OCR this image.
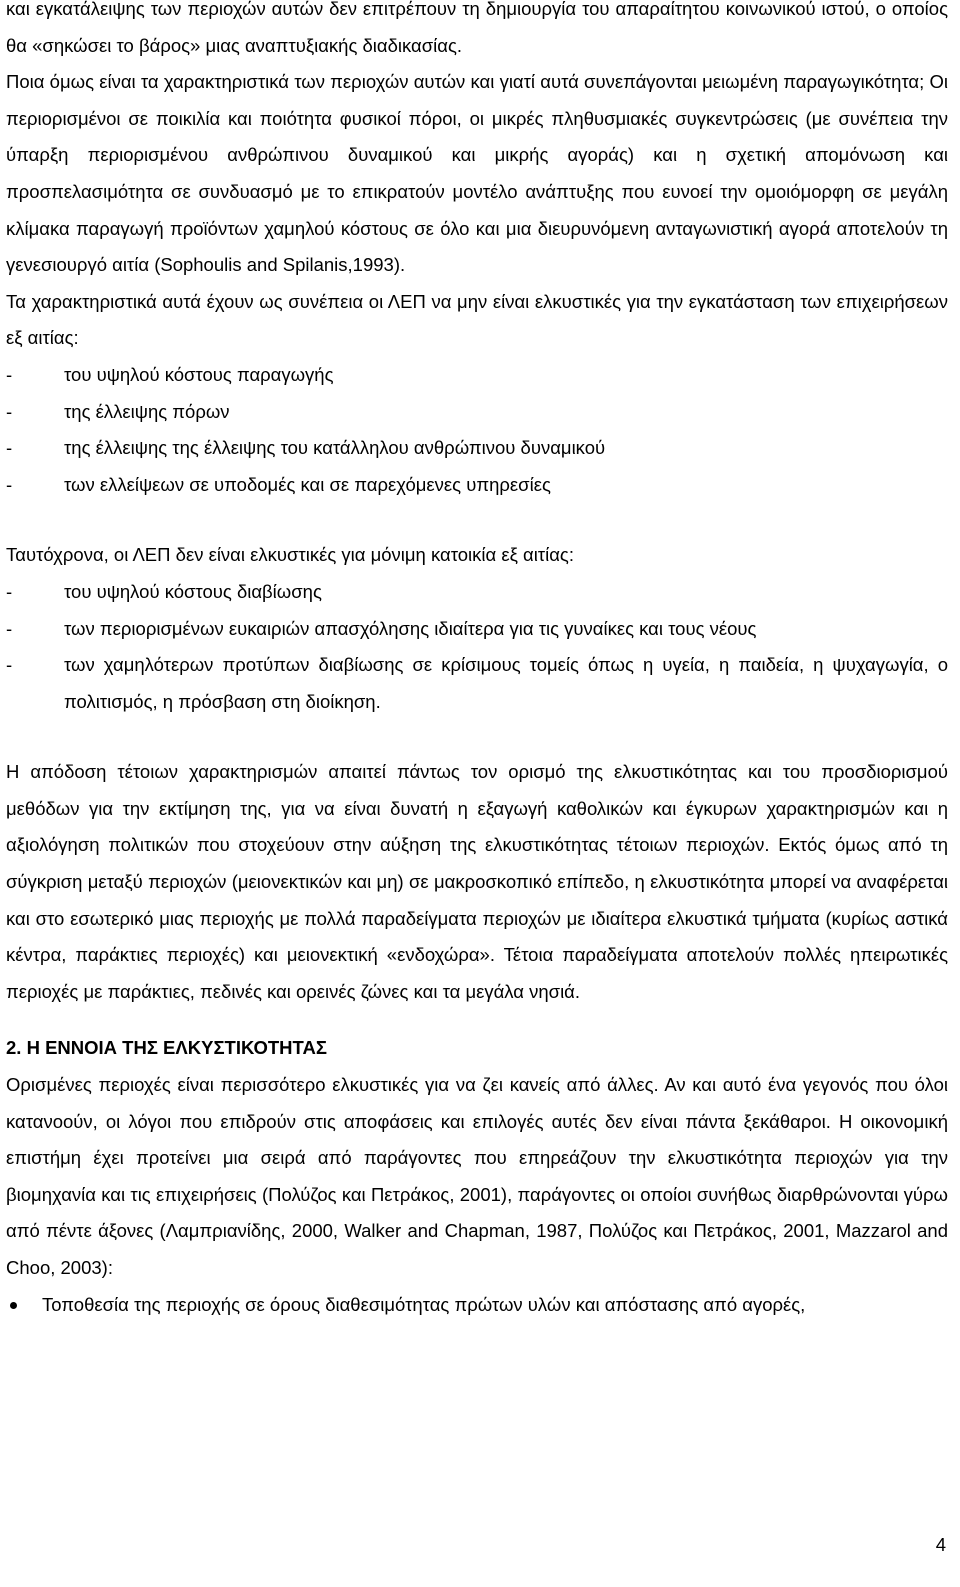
και εγκατάλειψης των περιοχών αυτών δεν επιτρέπουν τη δημιουργία του απαραίτητου κοινωνικού ιστού, ο οποίος θα «σηκώσει το βάρος» μιας αναπτυξιακής διαδικασίας.

Ποια όμως είναι τα χαρακτηριστικά των περιοχών αυτών και γιατί αυτά συνεπάγονται μειωμένη παραγωγικότητα; Οι περιορισμένοι σε ποικιλία και ποιότητα φυσικοί πόροι, οι μικρές πληθυσμιακές συγκεντρώσεις (με συνέπεια την ύπαρξη περιορισμένου ανθρώπινου δυναμικού και μικρής αγοράς) και η σχετική απομόνωση και προσπελασιμότητα σε συνδυασμό με το επικρατούν μοντέλο ανάπτυξης που ευνοεί την ομοιόμορφη σε μεγάλη κλίμακα παραγωγή προϊόντων χαμηλού κόστους σε όλο και μια διευρυνόμενη ανταγωνιστική αγορά αποτελούν τη γενεσιουργό αιτία (Sophoulis and Spilanis,1993).

Τα χαρακτηριστικά αυτά έχουν ως συνέπεια οι ΛΕΠ να μην είναι ελκυστικές για την εγκατάσταση των επιχειρήσεων εξ αιτίας:

- του υψηλού κόστους παραγωγής
- της έλλειψης πόρων
- της έλλειψης της έλλειψης του κατάλληλου ανθρώπινου δυναμικού
- των ελλείψεων σε υποδομές και σε παρεχόμενες υπηρεσίες

Ταυτόχρονα, οι ΛΕΠ δεν είναι ελκυστικές για μόνιμη κατοικία εξ αιτίας:

- του υψηλού κόστους διαβίωσης
- των περιορισμένων ευκαιριών απασχόλησης ιδιαίτερα για τις γυναίκες και τους νέους
- των χαμηλότερων προτύπων διαβίωσης σε κρίσιμους τομείς όπως η υγεία, η παιδεία, η ψυχαγωγία, ο πολιτισμός, η πρόσβαση στη διοίκηση.

Η απόδοση τέτοιων χαρακτηρισμών απαιτεί πάντως τον ορισμό της ελκυστικότητας και του προσδιορισμού μεθόδων για την εκτίμηση της, για να είναι δυνατή η εξαγωγή καθολικών και έγκυρων χαρακτηρισμών και η αξιολόγηση πολιτικών που στοχεύουν στην αύξηση της ελκυστικότητας τέτοιων περιοχών. Εκτός όμως από τη σύγκριση μεταξύ περιοχών (μειονεκτικών και μη) σε μακροσκοπικό επίπεδο, η ελκυστικότητα μπορεί να αναφέρεται και στο εσωτερικό μιας περιοχής με πολλά παραδείγματα περιοχών με ιδιαίτερα ελκυστικά τμήματα (κυρίως αστικά κέντρα, παράκτιες περιοχές) και μειονεκτική «ενδοχώρα». Τέτοια παραδείγματα αποτελούν πολλές ηπειρωτικές περιοχές με παράκτιες, πεδινές και ορεινές ζώνες και τα μεγάλα νησιά.

2. Η ΕΝΝΟΙΑ ΤΗΣ ΕΛΚΥΣΤΙΚΟΤΗΤΑΣ

Ορισμένες περιοχές είναι περισσότερο ελκυστικές για να ζει κανείς από άλλες. Αν και αυτό ένα γεγονός που όλοι κατανοούν, οι λόγοι που επιδρούν στις αποφάσεις και επιλογές αυτές δεν είναι πάντα ξεκάθαροι. Η οικονομική επιστήμη έχει προτείνει μια σειρά από παράγοντες που επηρεάζουν την ελκυστικότητα περιοχών για την βιομηχανία και τις επιχειρήσεις (Πολύζος και Πετράκος, 2001), παράγοντες οι οποίοι συνήθως διαρθρώνονται γύρω από πέντε άξονες (Λαμπριανίδης, 2000, Walker and Chapman, 1987, Πολύζος και Πετράκος, 2001, Mazzarol and Choo, 2003):

Τοποθεσία της περιοχής σε όρους διαθεσιμότητας πρώτων υλών και απόστασης από αγορές,
4
